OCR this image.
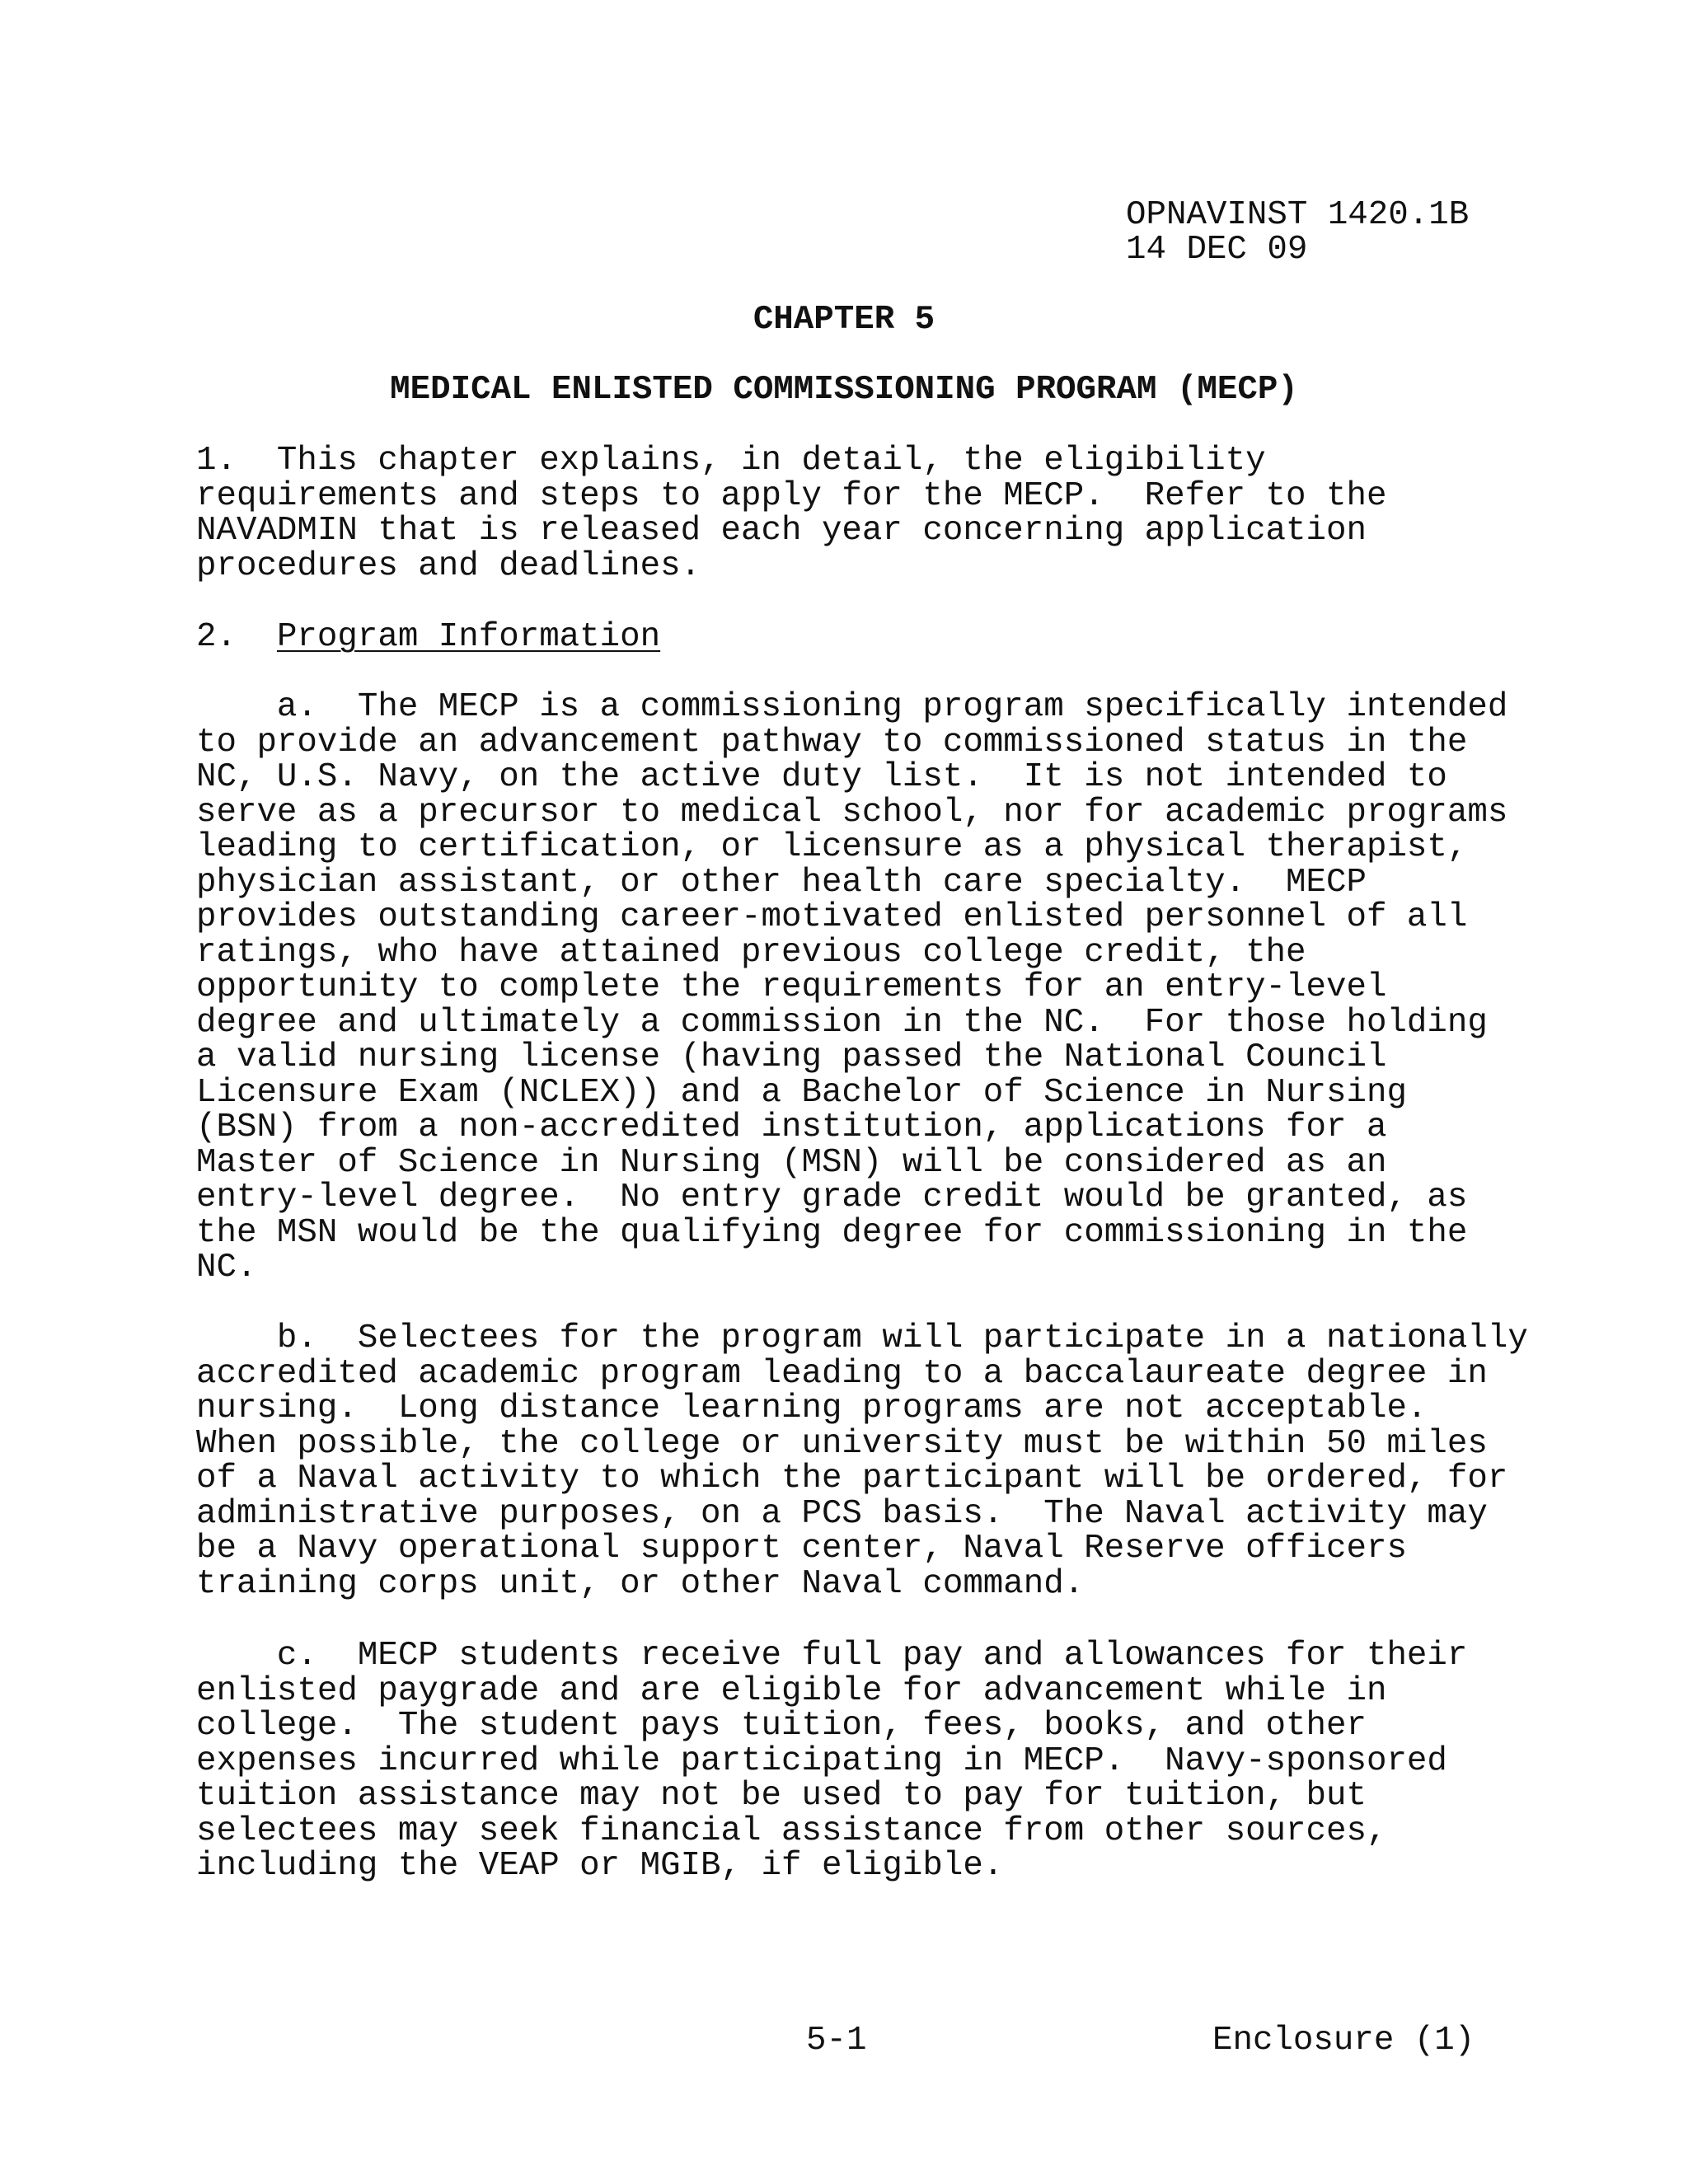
OPNAVINST 1420.1B
14 DEC 09
CHAPTER 5
MEDICAL ENLISTED COMMISSIONING PROGRAM (MECP)
1.  This chapter explains, in detail, the eligibility
requirements and steps to apply for the MECP.  Refer to the
NAVADMIN that is released each year concerning application
procedures and deadlines.
2.  Program Information
a.  The MECP is a commissioning program specifically intended
to provide an advancement pathway to commissioned status in the
NC, U.S. Navy, on the active duty list.  It is not intended to
serve as a precursor to medical school, nor for academic programs
leading to certification, or licensure as a physical therapist,
physician assistant, or other health care specialty.  MECP
provides outstanding career-motivated enlisted personnel of all
ratings, who have attained previous college credit, the
opportunity to complete the requirements for an entry-level
degree and ultimately a commission in the NC.  For those holding
a valid nursing license (having passed the National Council
Licensure Exam (NCLEX)) and a Bachelor of Science in Nursing
(BSN) from a non-accredited institution, applications for a
Master of Science in Nursing (MSN) will be considered as an
entry-level degree.  No entry grade credit would be granted, as
the MSN would be the qualifying degree for commissioning in the
NC.
b.  Selectees for the program will participate in a nationally
accredited academic program leading to a baccalaureate degree in
nursing.  Long distance learning programs are not acceptable.
When possible, the college or university must be within 50 miles
of a Naval activity to which the participant will be ordered, for
administrative purposes, on a PCS basis.  The Naval activity may
be a Navy operational support center, Naval Reserve officers
training corps unit, or other Naval command.
c.  MECP students receive full pay and allowances for their
enlisted paygrade and are eligible for advancement while in
college.  The student pays tuition, fees, books, and other
expenses incurred while participating in MECP.  Navy-sponsored
tuition assistance may not be used to pay for tuition, but
selectees may seek financial assistance from other sources,
including the VEAP or MGIB, if eligible.
5-1	Enclosure (1)
